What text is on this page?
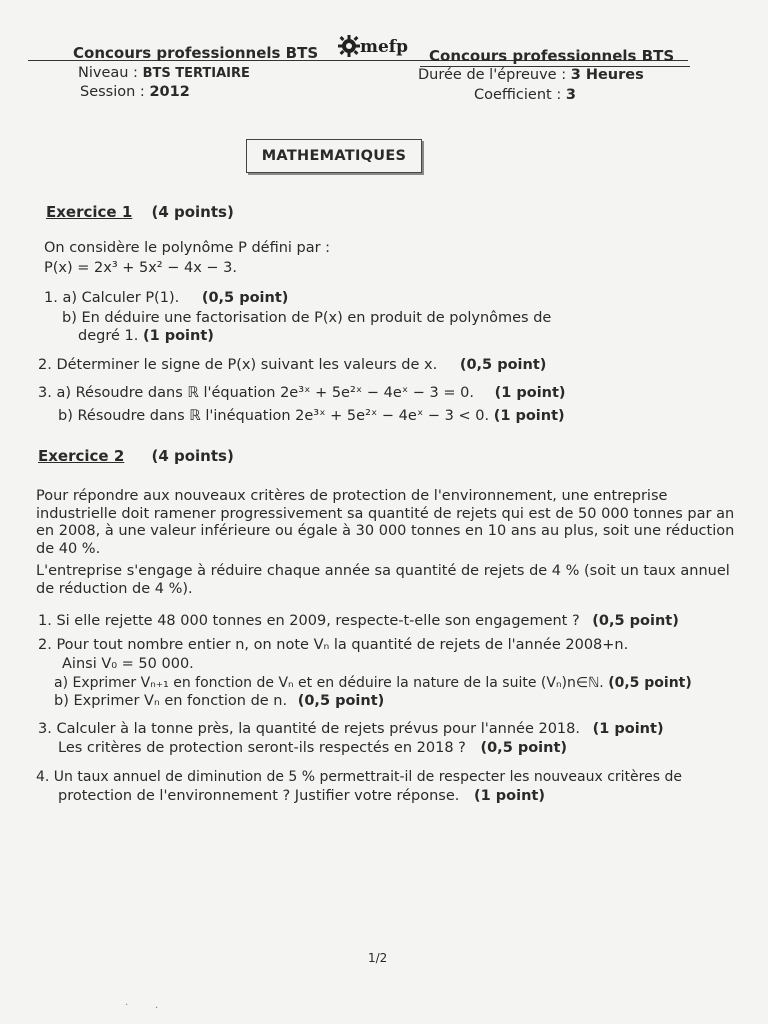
Concours professionnels BTS mefp Concours professionnels BTS
Niveau : BTS TERTIAIRE
Session : 2012
Durée de l'épreuve : 3 Heures
Coefficient : 3
MATHEMATIQUES
Exercice 1 (4 points)
On considère le polynôme P défini par :
P(x) = 2x³ + 5x² − 4x − 3.
1. a) Calculer P(1). (0,5 point)
b) En déduire une factorisation de P(x) en produit de polynômes de
degré 1. (1 point)
2. Déterminer le signe de P(x) suivant les valeurs de x. (0,5 point)
3. a) Résoudre dans ℝ l'équation 2e³ˣ + 5e²ˣ − 4eˣ − 3 = 0. (1 point)
b) Résoudre dans ℝ l'inéquation 2e³ˣ + 5e²ˣ − 4eˣ − 3 < 0. (1 point)
Exercice 2 (4 points)
Pour répondre aux nouveaux critères de protection de l'environnement, une entreprise industrielle doit ramener progressivement sa quantité de rejets qui est de 50 000 tonnes par an en 2008, à une valeur inférieure ou égale à 30 000 tonnes en 10 ans au plus, soit une réduction de 40 %.
L'entreprise s'engage à réduire chaque année sa quantité de rejets de 4 % (soit un taux annuel de réduction de 4 %).
1. Si elle rejette 48 000 tonnes en 2009, respecte-t-elle son engagement ? (0,5 point)
2. Pour tout nombre entier n, on note Vₙ la quantité de rejets de l'année 2008+n.
Ainsi V₀ = 50 000.
a) Exprimer Vₙ₊₁ en fonction de Vₙ et en déduire la nature de la suite (Vₙ)n∈ℕ. (0,5 point)
b) Exprimer Vₙ en fonction de n. (0,5 point)
3. Calculer à la tonne près, la quantité de rejets prévus pour l'année 2018. (1 point)
Les critères de protection seront-ils respectés en 2018 ? (0,5 point)
4. Un taux annuel de diminution de 5 % permettrait-il de respecter les nouveaux critères de
protection de l'environnement ? Justifier votre réponse. (1 point)
1/2
·	·
